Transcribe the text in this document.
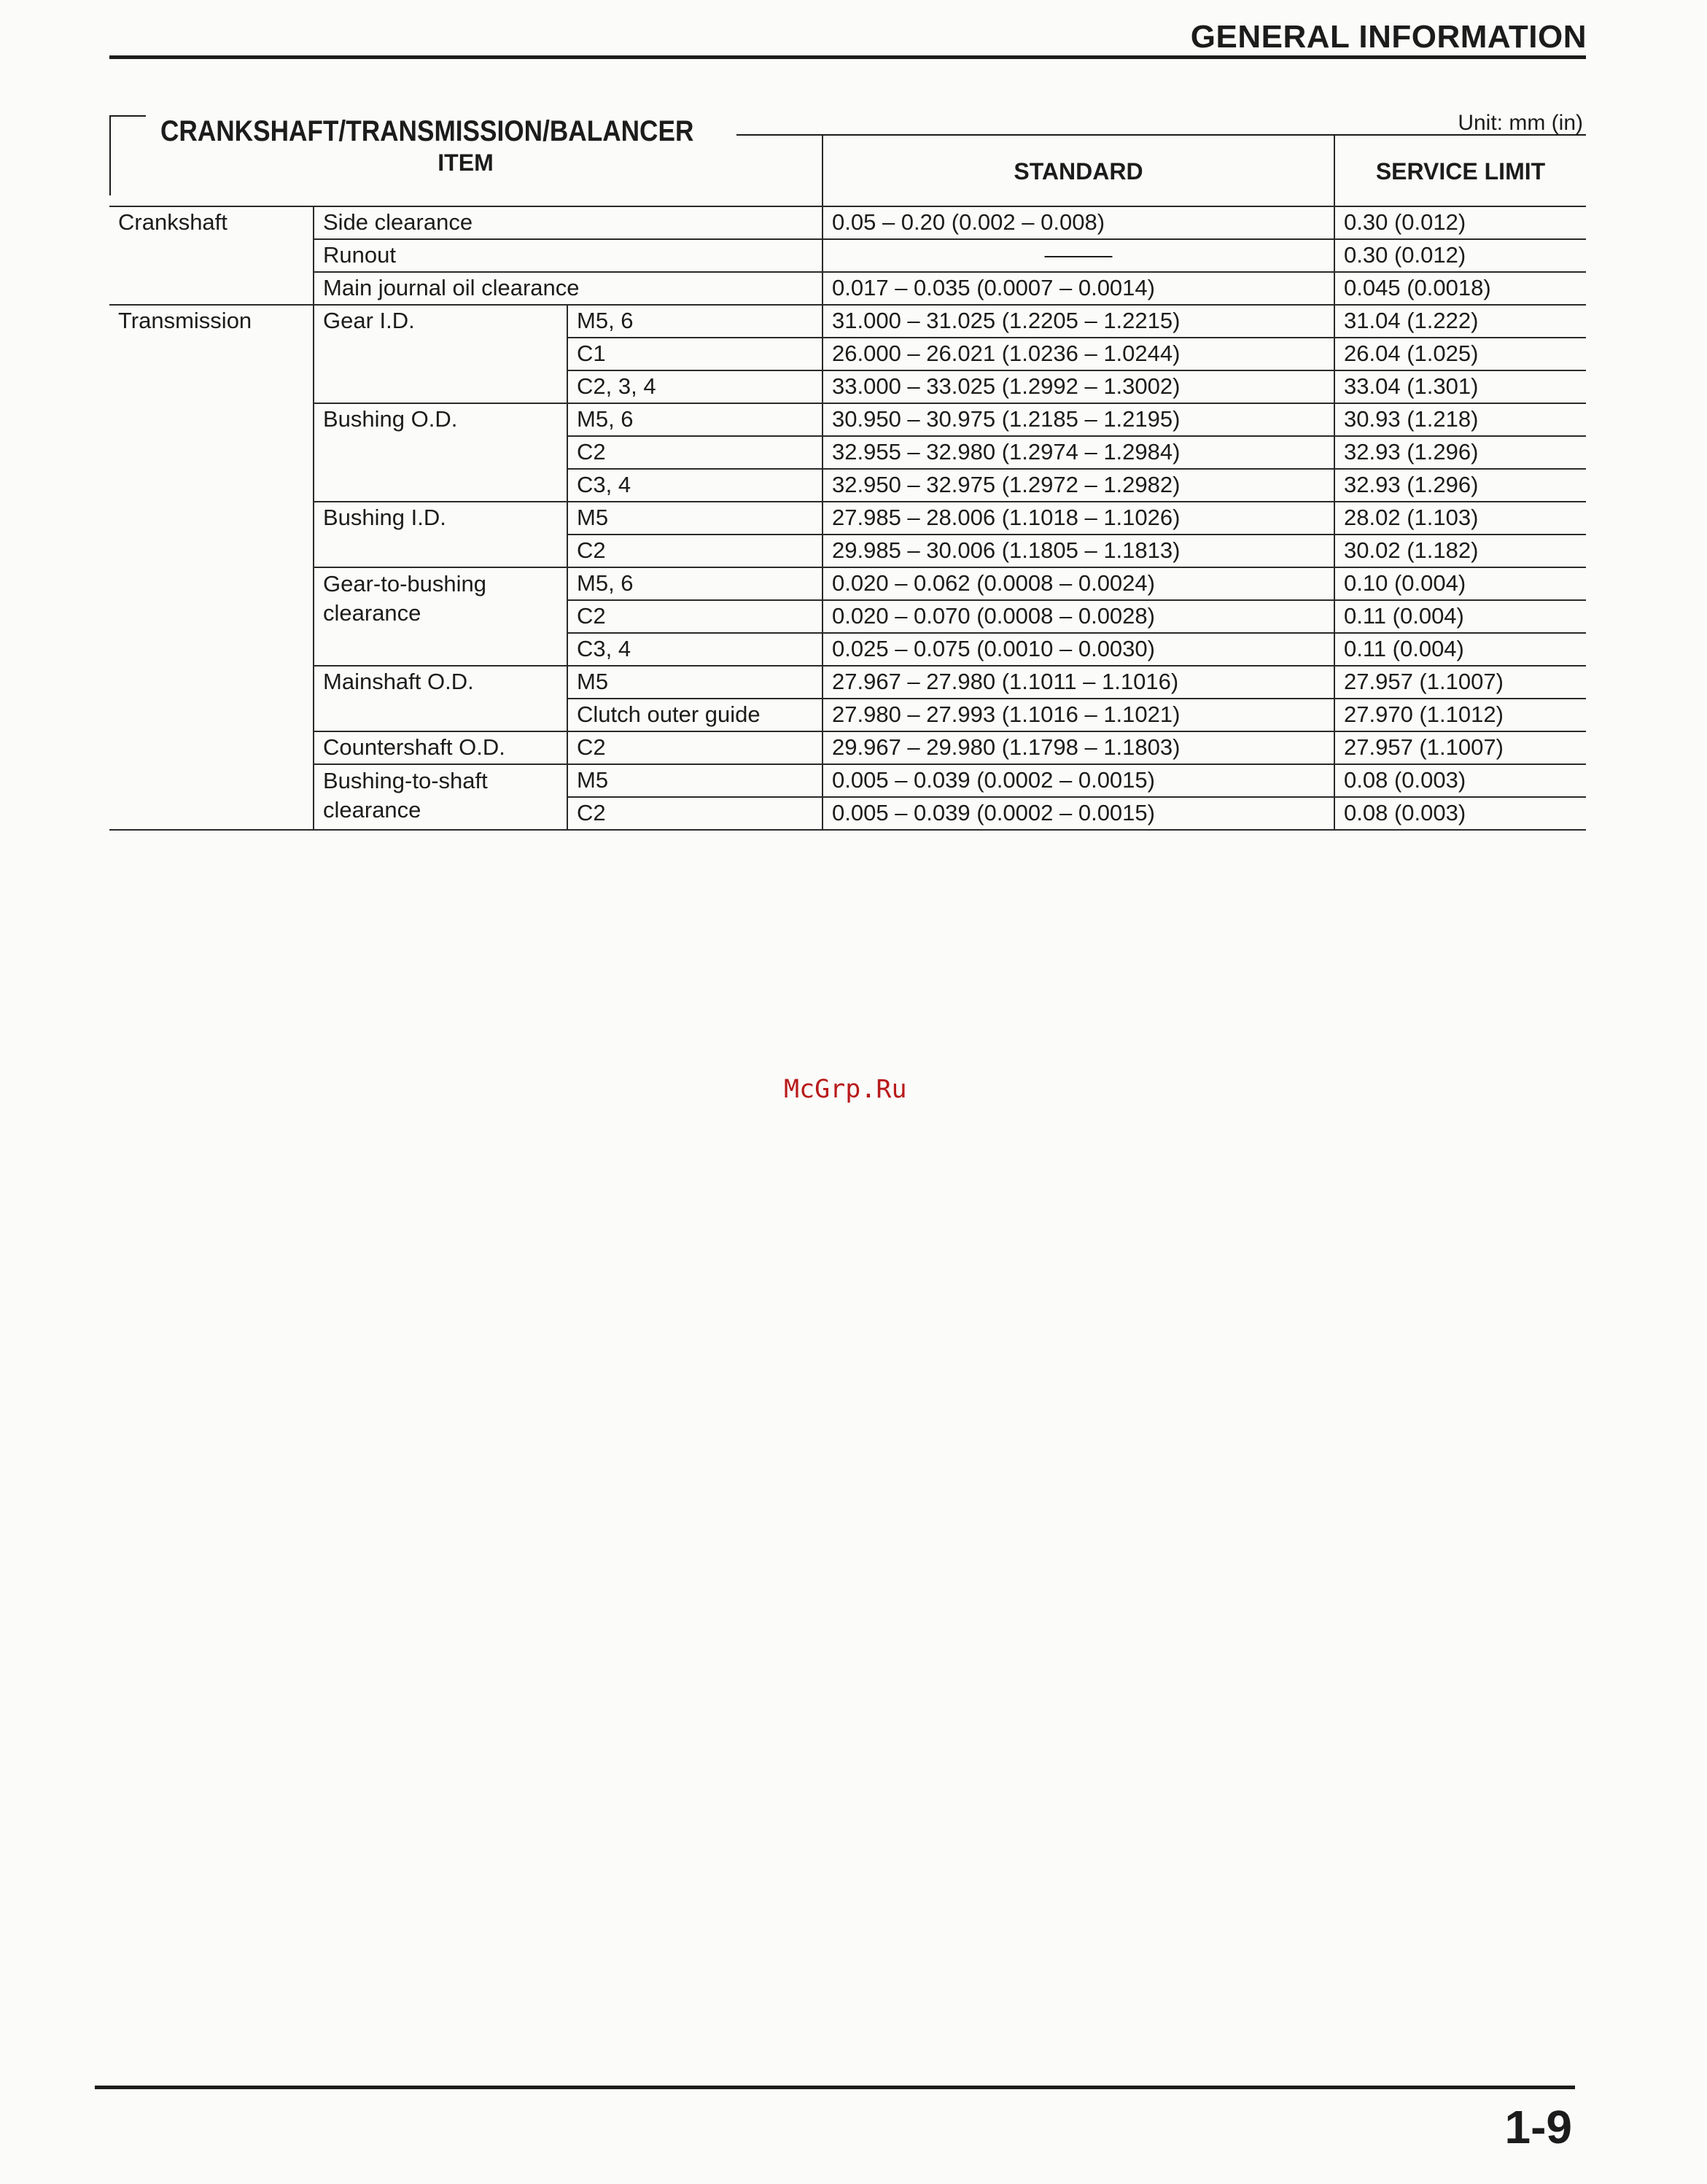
GENERAL INFORMATION
CRANKSHAFT/TRANSMISSION/BALANCER	Unit: mm (in)
ITEM			STANDARD	SERVICE LIMIT
Crankshaft	Side clearance		0.05 – 0.20 (0.002 – 0.008)	0.30 (0.012)
	Runout		———	0.30 (0.012)
	Main journal oil clearance		0.017 – 0.035 (0.0007 – 0.0014)	0.045 (0.0018)
Transmission	Gear I.D.	M5, 6	31.000 – 31.025 (1.2205 – 1.2215)	31.04 (1.222)
		C1	26.000 – 26.021 (1.0236 – 1.0244)	26.04 (1.025)
		C2, 3, 4	33.000 – 33.025 (1.2992 – 1.3002)	33.04 (1.301)
	Bushing O.D.	M5, 6	30.950 – 30.975 (1.2185 – 1.2195)	30.93 (1.218)
		C2	32.955 – 32.980 (1.2974 – 1.2984)	32.93 (1.296)
		C3, 4	32.950 – 32.975 (1.2972 – 1.2982)	32.93 (1.296)
	Bushing I.D.	M5	27.985 – 28.006 (1.1018 – 1.1026)	28.02 (1.103)
		C2	29.985 – 30.006 (1.1805 – 1.1813)	30.02 (1.182)
	Gear-to-bushing clearance	M5, 6	0.020 – 0.062 (0.0008 – 0.0024)	0.10 (0.004)
		C2	0.020 – 0.070 (0.0008 – 0.0028)	0.11 (0.004)
		C3, 4	0.025 – 0.075 (0.0010 – 0.0030)	0.11 (0.004)
	Mainshaft O.D.	M5	27.967 – 27.980 (1.1011 – 1.1016)	27.957 (1.1007)
		Clutch outer guide	27.980 – 27.993 (1.1016 – 1.1021)	27.970 (1.1012)
	Countershaft O.D.	C2	29.967 – 29.980 (1.1798 – 1.1803)	27.957 (1.1007)
	Bushing-to-shaft clearance	M5	0.005 – 0.039 (0.0002 – 0.0015)	0.08 (0.003)
		C2	0.005 – 0.039 (0.0002 – 0.0015)	0.08 (0.003)
McGrp.Ru
1-9
